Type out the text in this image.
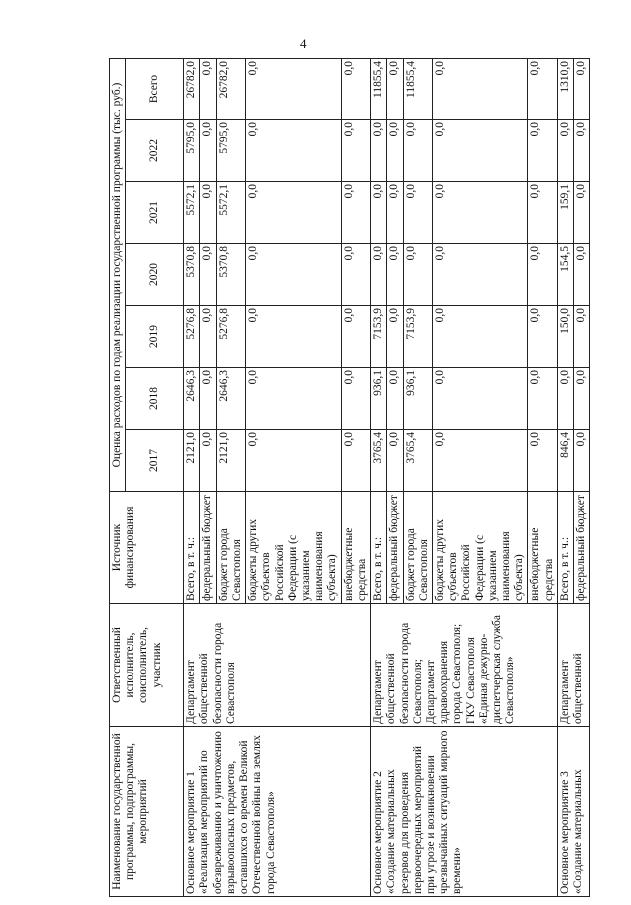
4
Наименование государственной программы, подпрограммы, мероприятий	Ответственный исполнитель, соисполнитель, участник	Источник финансирования	Оценка расходов по годам реализации государственной программы (тыс. руб.)						
			2017	2018	2019	2020	2021	2022	Всего
Основное мероприятие 1 «Реализация мероприятий по обезвреживанию и уничтожению взрывоопасных предметов, оставшихся со времен Великой Отечественной войны на землях города Севастополя»	Департамент общественной безопасности города Севастополя	Всего, в т. ч.:	2121,0	2646,3	5276,8	5370,8	5572,1	5795,0	26782,0
		федеральный бюджет	0,0	0,0	0,0	0,0	0,0	0,0	0,0
		бюджет города Севастополя	2121,0	2646,3	5276,8	5370,8	5572,1	5795,0	26782,0
		бюджеты других субъектов Российской Федерации (с указанием наименования субъекта)	0,0	0,0	0,0	0,0	0,0	0,0	0,0
		внебюджетные средства	0,0	0,0	0,0	0,0	0,0	0,0	0,0
Основное мероприятие 2 «Создание материальных резервов для проведения первоочередных мероприятий при угрозе и возникновении чрезвычайных ситуаций мирного времени»	Департамент общественной безопасности города Севастополя; Департамент здравоохранения города Севастополя; ГКУ Севастополя «Единая дежурно-диспетчерская служба Севастополя»	Всего, в т. ч.:	3765,4	936,1	7153,9	0,0	0,0	0,0	11855,4
		федеральный бюджет	0,0	0,0	0,0	0,0	0,0	0,0	0,0
		бюджет города Севастополя	3765,4	936,1	7153,9	0,0	0,0	0,0	11855,4
		бюджеты других субъектов Российской Федерации (с указанием наименования субъекта)	0,0	0,0	0,0	0,0	0,0	0,0	0,0
		внебюджетные средства	0,0	0,0	0,0	0,0	0,0	0,0	0,0
Основное мероприятие 3 «Создание материальных	Департамент общественной	Всего, в т. ч.:	846,4	0,0	150,0	154,5	159,1	0,0	1310,0
		федеральный бюджет	0,0	0,0	0,0	0,0	0,0	0,0	0,0
